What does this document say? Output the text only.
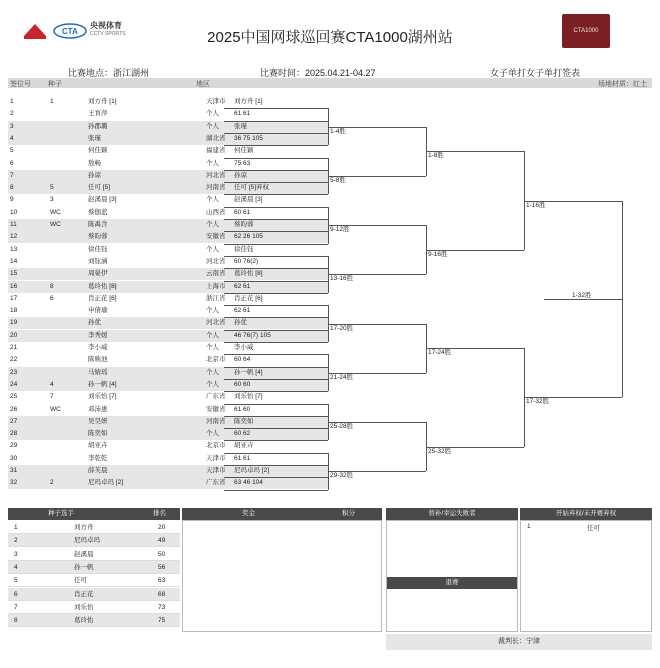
CTA
央视体育
CCTV SPORTS	2025中国网球巡回赛CTA1000湖州站	CTA1000
比赛地点：浙江湖州	比赛时间：2025.04.21-04.27	女子单打女子单打签表
签位号 种子	地区	场地材质：红土
1	1	刘方舟 [1]	天津市 刘方舟 [1]
2	王育萍	个人 61 61
3	孙郡璐	个人 张瑾
4	张瑾	湖北省 36 75 105
5	何佳颖	福建省 何佳颖
6	敖畅	个人 75 63
7	孙谅	河北省 孙谅
8	5	任可 [5]	河南省 任可 [5]弃权
9	3	赵溪晨 [3]	个人 赵溪晨 [3]
10	WC	蔡伽蓝	山西省 60 61
11	WC	陈禹含	个人 蔡昀蓉
12	蔡昀蓉	安徽省 62 26 105
13	徐佳钰	个人 徐佳钰
14	刘钰涵	河北省 60 76(2)
15	周晏伊	云南省 葛玲佑 [8]
16	8	葛玲佑 [8]	上海市 62 61
17	6	肖正花 [6]	浙江省 肖正花 [6]
18	申倩瑜	个人 62 61
19	孙优	河北省 孙优
20	李秀媛	个人 46 76(7) 105
21	李小威	个人 李小威
22	陈映池	北京市 60 64
23	马婧瑶	个人 孙一帆 [4]
24	4	孙一帆 [4]	个人 60 60
25	7	刘乐怡 [7]	广东省 刘乐怡 [7]
26	WC	邓沛惠	安徽省 61 60
27	吴昊妍	河南省 陈奕如
28	陈奕如	个人 60 62
29	胡亚卉	北京市 胡亚卉
30	李乾乾	天津市 61 61
31	薛芙晨	天津市 尼玛卓玛 [2]
32	2	尼玛卓玛 [2]	广东省 63 46 104
1-4胜
5-8胜
9-12胜
13-16胜
17-20胜
21-24胜
25-28胜
29-32胜
1-8胜
9-16胜
17-24胜
25-32胜
1-16胜
17-32胜
1-32胜
种子选手	排名
1	刘方舟	20
2	尼玛卓玛	49
3	赵溪晨	50
4	孙一帆	56
5	任可	63
6	肖正花	68
7	刘乐怡	73
8	葛玲佑	75
奖金	积分	替补/幸运失败者
退赛
开始弃权/未开赛弃权
1	任可
裁判长：宁津
